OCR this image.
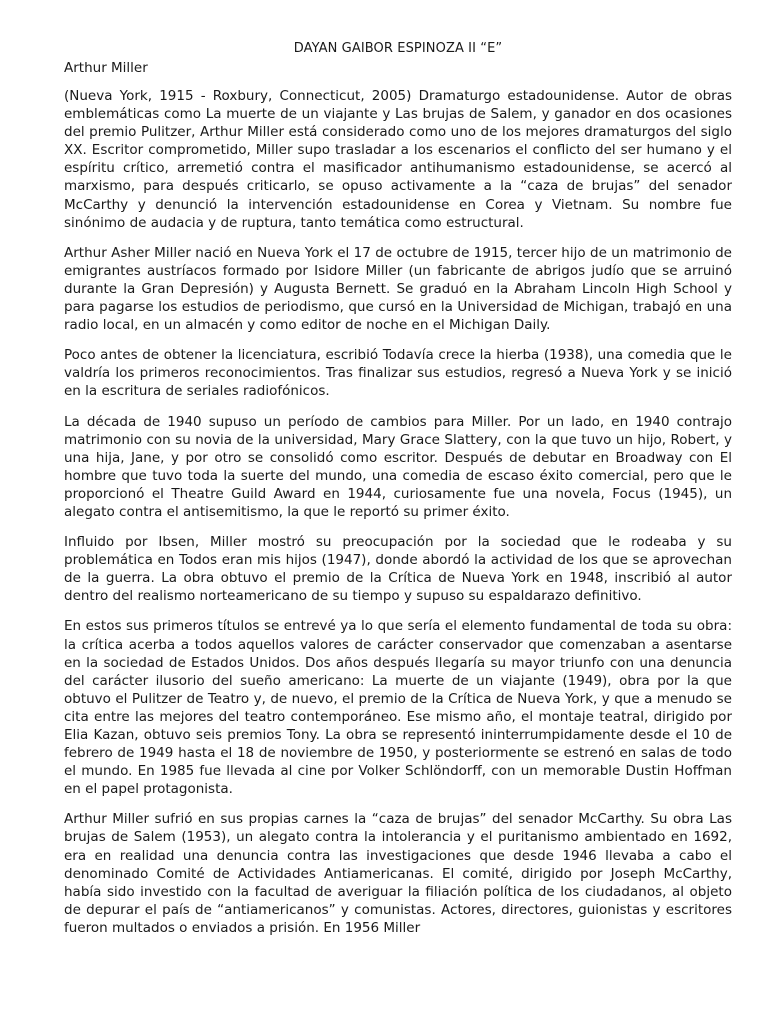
DAYAN GAIBOR ESPINOZA II “E”
Arthur Miller

(Nueva York, 1915 - Roxbury, Connecticut, 2005) Dramaturgo estadounidense. Autor de obras emblemáticas como La muerte de un viajante y Las brujas de Salem, y ganador en dos ocasiones del premio Pulitzer, Arthur Miller está considerado como uno de los mejores dramaturgos del siglo XX. Escritor comprometido, Miller supo trasladar a los escenarios el conflicto del ser humano y el espíritu crítico, arremetió contra el masificador antihumanismo estadounidense, se acercó al marxismo, para después criticarlo, se opuso activamente a la “caza de brujas” del senador McCarthy y denunció la intervención estadounidense en Corea y Vietnam. Su nombre fue sinónimo de audacia y de ruptura, tanto temática como estructural.

Arthur Asher Miller nació en Nueva York el 17 de octubre de 1915, tercer hijo de un matrimonio de emigrantes austríacos formado por Isidore Miller (un fabricante de abrigos judío que se arruinó durante la Gran Depresión) y Augusta Bernett. Se graduó en la Abraham Lincoln High School y para pagarse los estudios de periodismo, que cursó en la Universidad de Michigan, trabajó en una radio local, en un almacén y como editor de noche en el Michigan Daily.

Poco antes de obtener la licenciatura, escribió Todavía crece la hierba (1938), una comedia que le valdría los primeros reconocimientos. Tras finalizar sus estudios, regresó a Nueva York y se inició en la escritura de seriales radiofónicos.

La década de 1940 supuso un período de cambios para Miller. Por un lado, en 1940 contrajo matrimonio con su novia de la universidad, Mary Grace Slattery, con la que tuvo un hijo, Robert, y una hija, Jane, y por otro se consolidó como escritor. Después de debutar en Broadway con El hombre que tuvo toda la suerte del mundo, una comedia de escaso éxito comercial, pero que le proporcionó el Theatre Guild Award en 1944, curiosamente fue una novela, Focus (1945), un alegato contra el antisemitismo, la que le reportó su primer éxito.

Influido por Ibsen, Miller mostró su preocupación por la sociedad que le rodeaba y su problemática en Todos eran mis hijos (1947), donde abordó la actividad de los que se aprovechan de la guerra. La obra obtuvo el premio de la Crítica de Nueva York en 1948, inscribió al autor dentro del realismo norteamericano de su tiempo y supuso su espaldarazo definitivo.

En estos sus primeros títulos se entrevé ya lo que sería el elemento fundamental de toda su obra: la crítica acerba a todos aquellos valores de carácter conservador que comenzaban a asentarse en la sociedad de Estados Unidos. Dos años después llegaría su mayor triunfo con una denuncia del carácter ilusorio del sueño americano: La muerte de un viajante (1949), obra por la que obtuvo el Pulitzer de Teatro y, de nuevo, el premio de la Crítica de Nueva York, y que a menudo se cita entre las mejores del teatro contemporáneo. Ese mismo año, el montaje teatral, dirigido por Elia Kazan, obtuvo seis premios Tony. La obra se representó ininterrumpidamente desde el 10 de febrero de 1949 hasta el 18 de noviembre de 1950, y posteriormente se estrenó en salas de todo el mundo. En 1985 fue llevada al cine por Volker Schlöndorff, con un memorable Dustin Hoffman en el papel protagonista.

Arthur Miller sufrió en sus propias carnes la “caza de brujas” del senador McCarthy. Su obra Las brujas de Salem (1953), un alegato contra la intolerancia y el puritanismo ambientado en 1692, era en realidad una denuncia contra las investigaciones que desde 1946 llevaba a cabo el denominado Comité de Actividades Antiamericanas. El comité, dirigido por Joseph McCarthy, había sido investido con la facultad de averiguar la filiación política de los ciudadanos, al objeto de depurar el país de “antiamericanos” y comunistas. Actores, directores, guionistas y escritores fueron multados o enviados a prisión. En 1956 Miller
